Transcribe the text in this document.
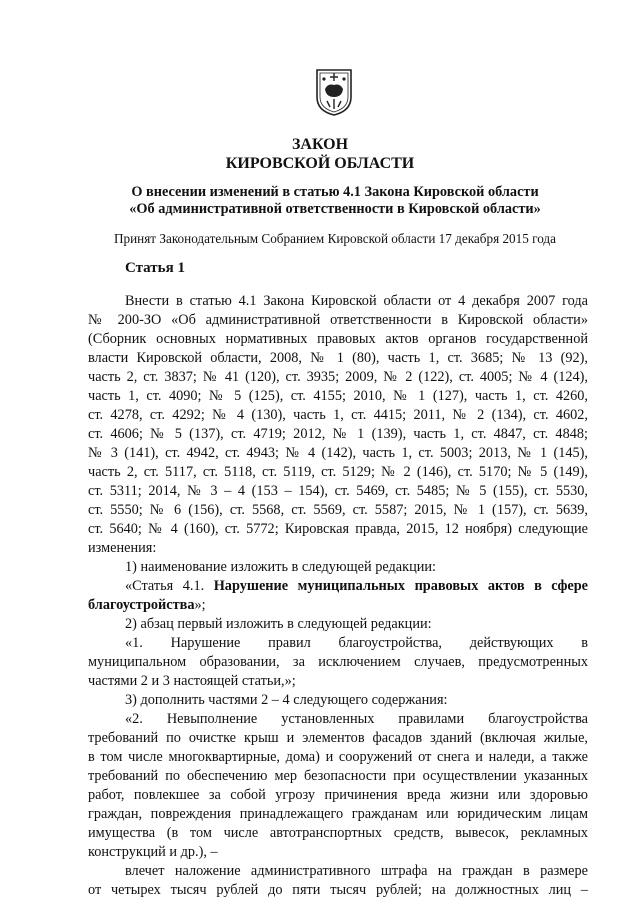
ЗАКОН
КИРОВСКОЙ ОБЛАСТИ
О внесении изменений в статью 4.1 Закона Кировской области
«Об административной ответственности в Кировской области»
Принят Законодательным Собранием Кировской области 17 декабря 2015 года
Статья 1
Внести в статью 4.1 Закона Кировской области от 4 декабря 2007 года
№ 200-ЗО «Об административной ответственности в Кировской области»
(Сборник основных нормативных правовых актов органов государственной
власти Кировской области, 2008, № 1 (80), часть 1, ст. 3685; № 13 (92),
часть 2, ст. 3837; № 41 (120), ст. 3935; 2009, № 2 (122), ст. 4005; № 4 (124),
часть 1, ст. 4090; № 5 (125), ст. 4155; 2010, № 1 (127), часть 1, ст. 4260,
ст. 4278, ст. 4292; № 4 (130), часть 1, ст. 4415; 2011, № 2 (134), ст. 4602,
ст. 4606; № 5 (137), ст. 4719; 2012, № 1 (139), часть 1, ст. 4847, ст. 4848;
№ 3 (141), ст. 4942, ст. 4943; № 4 (142), часть 1, ст. 5003; 2013, № 1 (145),
часть 2, ст. 5117, ст. 5118, ст. 5119, ст. 5129; № 2 (146), ст. 5170; № 5 (149),
ст. 5311; 2014, № 3 – 4 (153 – 154), ст. 5469, ст. 5485; № 5 (155), ст. 5530,
ст. 5550; № 6 (156), ст. 5568, ст. 5569, ст. 5587; 2015, № 1 (157), ст. 5639,
ст. 5640; № 4 (160), ст. 5772; Кировская правда, 2015, 12 ноября) следующие
изменения:
1) наименование изложить в следующей редакции:
«Статья 4.1. Нарушение муниципальных правовых актов в сфере
благоустройства»;
2) абзац первый изложить в следующей редакции:
«1. Нарушение правил благоустройства, действующих в
муниципальном образовании, за исключением случаев, предусмотренных
частями 2 и 3 настоящей статьи,»;
3) дополнить частями 2 – 4 следующего содержания:
«2. Невыполнение установленных правилами благоустройства
требований по очистке крыш и элементов фасадов зданий (включая жилые,
в том числе многоквартирные, дома) и сооружений от снега и наледи, а также
требований по обеспечению мер безопасности при осуществлении указанных
работ, повлекшее за собой угрозу причинения вреда жизни или здоровью
граждан, повреждения принадлежащего гражданам или юридическим лицам
имущества (в том числе автотранспортных средств, вывесок, рекламных
конструкций и др.), –
влечет наложение административного штрафа на граждан в размере
от четырех тысяч рублей до пяти тысяч рублей; на должностных лиц –
